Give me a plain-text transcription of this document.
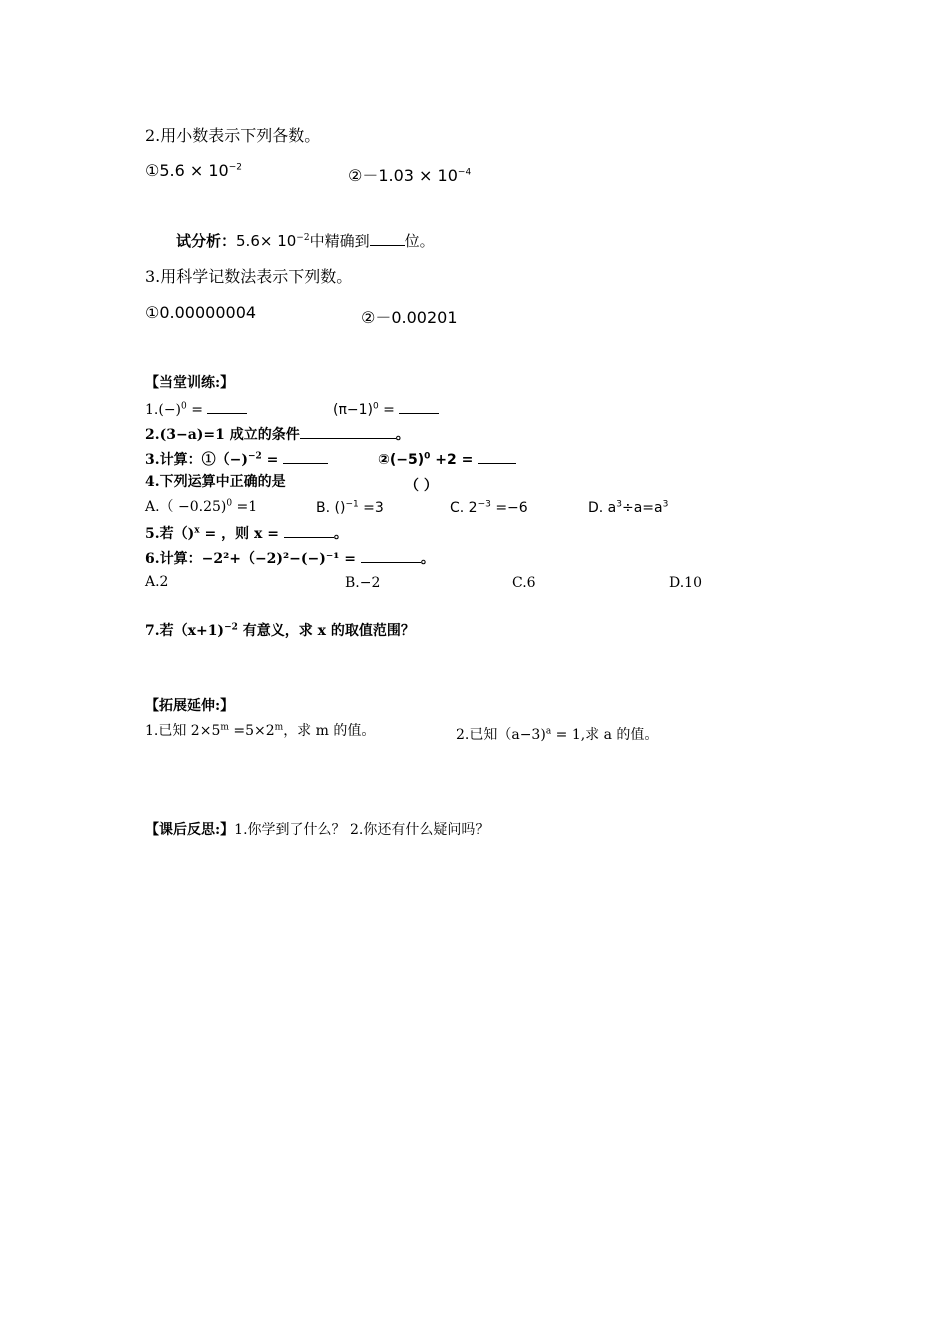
2.用小数表示下列各数。
①5.6 × $10^{-2}$	②－1.03 × $10^{-4}$
试分析：$5.6\times 10^{-2}$中精确到 位。
3.用科学记数法表示下列数。
①0.00000004	②－0.00201
【当堂训练:】
$1.(-)^0$ =	$(\pi-1)^0$ =
2.(3−a)=1 成立的条件	。
3.计算：①（−)$^{-2}$ =	$②(-5)^0 +2$ =
4.下列运算中正确的是	（ ）
A.（ −0.25)$^0$ =1	B. ()$^{-1}$ =3	C. $2^{-3} =-6$	D. $a^3\div a=a^3$
5.若（)$^x$ = ，则 x =	。
6.计算：−2²+（−2)²−(−)⁻¹ =	。
A.2	B.−2	C.6	D.10
7.若（x+1)$^{-2}$ 有意义，求 x 的取值范围？
【拓展延伸:】
1.已知 $2\times 5^m =5\times 2^m$，求 m 的值。	2.已知（a−3)$^a$ = 1,求 a 的值。
【课后反思:】1.你学到了什么？ 2.你还有什么疑问吗？
